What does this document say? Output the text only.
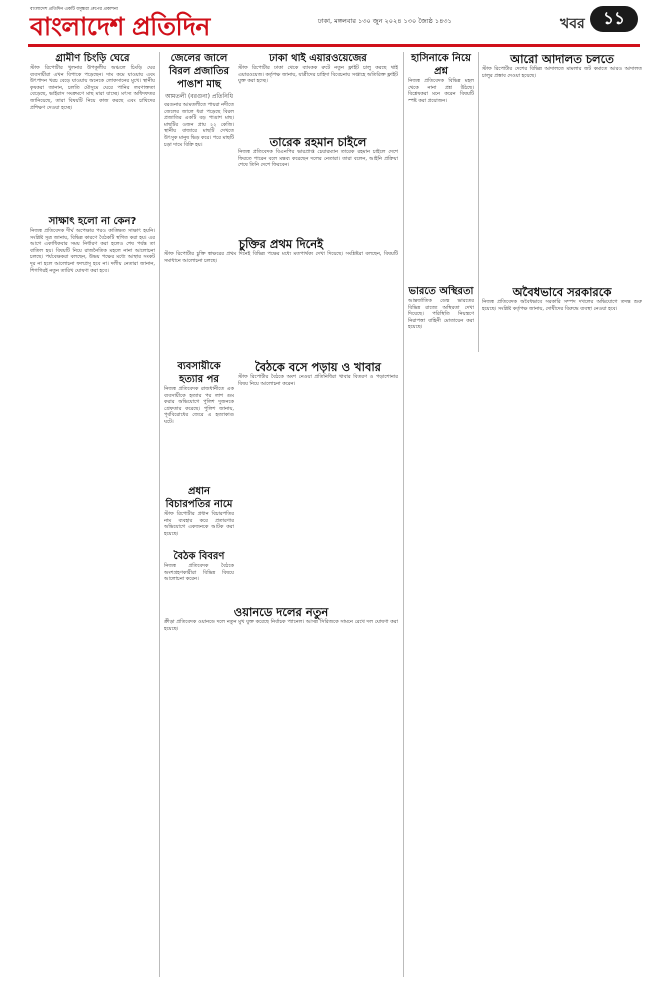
বাংলাদেশ প্রতিদিন একটি বসুন্ধরা গ্রুপের প্রকাশনা
বাংলাদেশ প্রতিদিন	ঢাকা, মঙ্গলবার ১৩০ জুন ২০২৪ ১৩০ জ্যৈষ্ঠ ১৪৩১	খবর	১১
গ্রামীণ চিংড়ি ঘেরে
স্টাফ রিপোর্টার খুলনার উপকূলীয় অঞ্চলে চিংড়ি ঘের ব্যবসায়ীরা এখন বিপাকে পড়েছেন। দাম কমে যাওয়ায় এবং উৎপাদন খরচ বেড়ে যাওয়ায় অনেকে লোকসানের মুখে। স্থানীয় কৃষকরা জানান, চলতি মৌসুমে ঘেরে পানির লবণাক্ততা বেড়েছে, ভাইরাস সংক্রমণে মাছ মারা যাচ্ছে। মৎস্য অধিদফতর জানিয়েছে, তারা বিষয়টি নিয়ে কাজ করছে এবং চাষিদের প্রশিক্ষণ দেওয়া হচ্ছে।
সাক্ষাৎ হলো না কেন?
নিজস্ব প্রতিবেদক দীর্ঘ অপেক্ষার পরও কাঙ্ক্ষিত সাক্ষাৎ হয়নি। সংশ্লিষ্ট সূত্র জানায়, বিভিন্ন কারণে বৈঠকটি স্থগিত করা হয়। এর আগে একাধিকবার সময় নির্ধারণ করা হলেও শেষ পর্যন্ত তা বাতিল হয়। বিষয়টি নিয়ে রাজনৈতিক মহলে নানা আলোচনা চলছে। পর্যবেক্ষকরা বলছেন, উভয় পক্ষের মধ্যে আস্থার সংকট দূর না হলে আলোচনা ফলপ্রসূ হবে না। দলীয় নেতারা জানান, শিগগিরই নতুন তারিখ ঘোষণা করা হবে।
জেলের জালে বিরল প্রজাতির পাঙাশ মাছ
আমতলী (বরগুনা) প্রতিনিধি
বরগুনার আমতলীতে পায়রা নদীতে জেলের জালে ধরা পড়েছে বিরল প্রজাতির একটি বড় পাঙাশ মাছ। মাছটির ওজন প্রায় ২২ কেজি। স্থানীয় বাজারে মাছটি দেখতে উৎসুক মানুষ ভিড় করে। পরে মাছটি চড়া দামে বিক্রি হয়।
ঢাকা থাই এয়ারওয়েজের
স্টাফ রিপোর্টার ঢাকা থেকে ব্যাংকক রুটে নতুন ফ্লাইট চালু করছে থাই এয়ারওয়েজ। কর্তৃপক্ষ জানায়, যাত্রীদের চাহিদা বিবেচনায় সপ্তাহে অতিরিক্ত ফ্লাইট যুক্ত করা হচ্ছে।
তারেক রহমান চাইলে
নিজস্ব প্রতিবেদক বিএনপির ভারপ্রাপ্ত চেয়ারম্যান তারেক রহমান চাইলে দেশে ফিরতে পারেন বলে মন্তব্য করেছেন দলের নেতারা। তারা বলেন, আইনি প্রক্রিয়া শেষে তিনি দেশে ফিরবেন।
চুক্তির প্রথম দিনেই
স্টাফ রিপোর্টার চুক্তি স্বাক্ষরের প্রথম দিনেই বিভিন্ন পক্ষের মধ্যে মতপার্থক্য দেখা দিয়েছে। সংশ্লিষ্টরা বলছেন, বিষয়টি সমাধানে আলোচনা চলছে।
ব্যবসায়ীকে হত্যার পর
নিজস্ব প্রতিবেদক রাজধানীতে এক ব্যবসায়ীকে হত্যার পর লাশ গুম করার অভিযোগে পুলিশ দুজনকে গ্রেফতার করেছে। পুলিশ জানায়, পূর্ববিরোধের জেরে এ হত্যাকাণ্ড ঘটে।
প্রধান বিচারপতির নামে
স্টাফ রিপোর্টার প্রধান বিচারপতির নাম ব্যবহার করে প্রতারণার অভিযোগে একজনকে আটক করা হয়েছে।
বৈঠক বিবরণ
নিজস্ব প্রতিবেদক বৈঠকে অংশগ্রহণকারীরা বিভিন্ন বিষয়ে আলোচনা করেন।
বৈঠকে বসে পড়ায় ও খাবার
স্টাফ রিপোর্টার বৈঠকে অংশ নেওয়া প্রতিনিধিরা খাবার বিতরণ ও পড়াশোনার বিষয় নিয়ে আলোচনা করেন।
ওয়ানডে দলের নতুন
ক্রীড়া প্রতিবেদক ওয়ানডে দলে নতুন মুখ যুক্ত করেছে নির্বাচক প্যানেল। আসন্ন সিরিজকে সামনে রেখে দল ঘোষণা করা হয়েছে।
হাসিনাকে নিয়ে প্রশ্ন
নিজস্ব প্রতিবেদক বিভিন্ন মহল থেকে নানা প্রশ্ন উঠছে। বিশ্লেষকরা মনে করেন বিষয়টি স্পষ্ট করা প্রয়োজন।
ভারতে অস্থিরতা
আন্তর্জাতিক ডেস্ক ভারতের বিভিন্ন রাজ্যে অস্থিরতা দেখা দিয়েছে। পরিস্থিতি নিয়ন্ত্রণে নিরাপত্তা বাহিনী মোতায়েন করা হয়েছে।
আরো আদালত চলতে
স্টাফ রিপোর্টার দেশের বিভিন্ন আদালতে মামলার জট কমাতে আরও আদালত চালুর প্রস্তাব দেওয়া হয়েছে।
অবৈধভাবে সরকারকে
নিজস্ব প্রতিবেদক অবৈধভাবে সরকারি সম্পদ দখলের অভিযোগে তদন্ত শুরু হয়েছে। সংশ্লিষ্ট কর্তৃপক্ষ জানায়, দোষীদের বিরুদ্ধে ব্যবস্থা নেওয়া হবে।
